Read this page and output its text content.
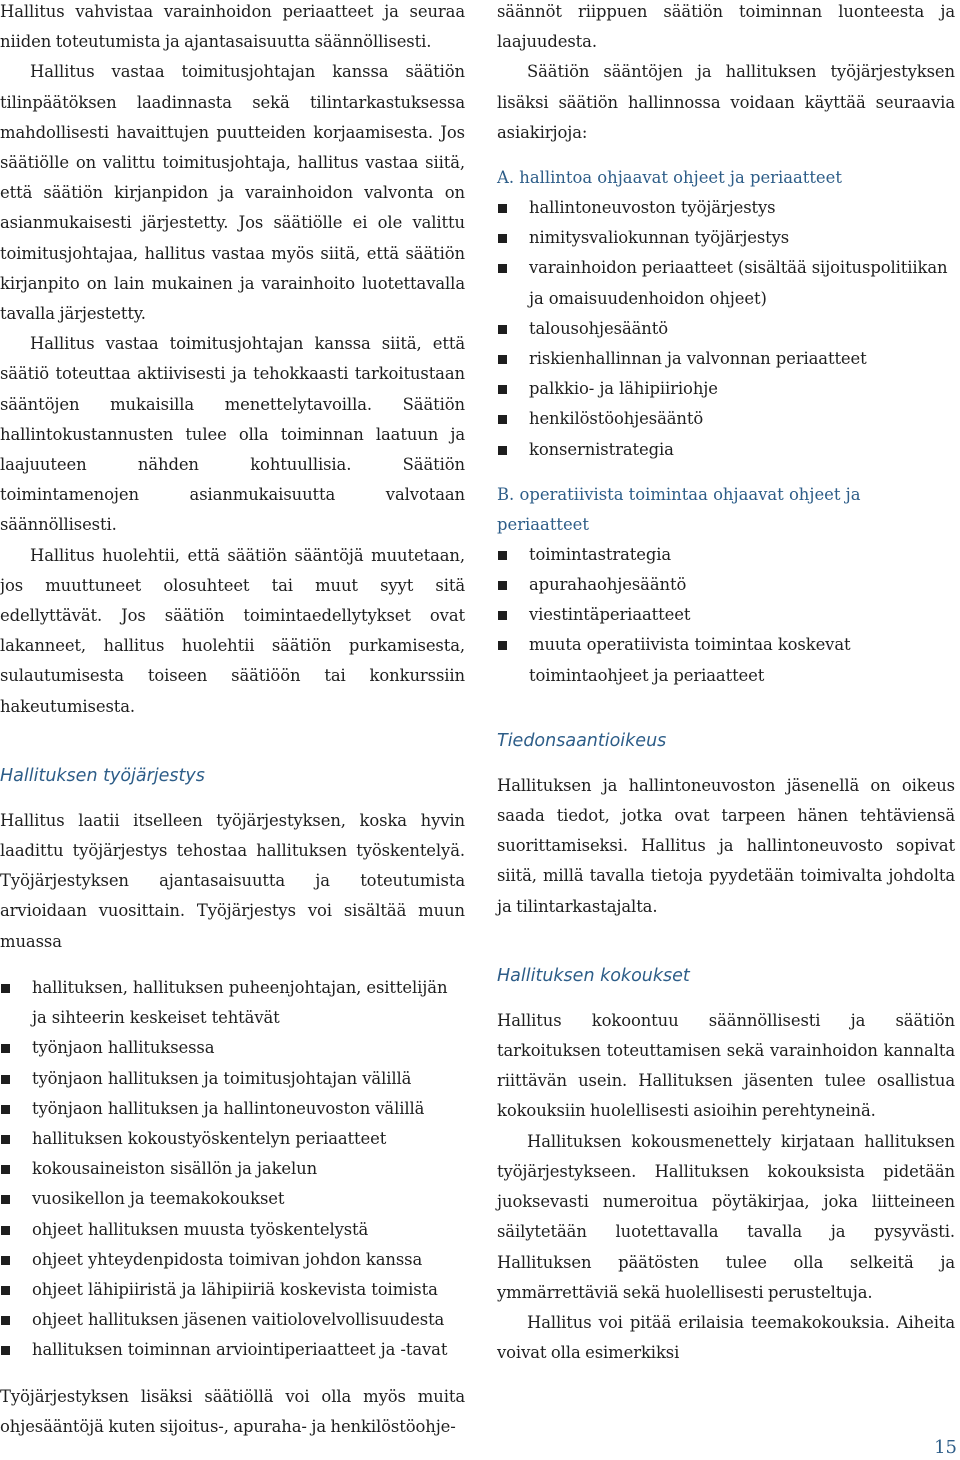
Hallitus vahvistaa varainhoidon periaatteet ja seuraa niiden toteutumista ja ajantasaisuutta säännöllisesti.

Hallitus vastaa toimitusjohtajan kanssa säätiön tilinpäätöksen laadinnasta sekä tilintarkastuksessa mahdollisesti havaittujen puutteiden korjaamisesta. Jos säätiölle on valittu toimitusjohtaja, hallitus vastaa siitä, että säätiön kirjanpidon ja varainhoidon valvonta on asianmukaisesti järjestetty. Jos säätiölle ei ole valittu toimitusjohtajaa, hallitus vastaa myös siitä, että säätiön kirjanpito on lain mukainen ja varainhoito luotettavalla tavalla järjestetty.

Hallitus vastaa toimitusjohtajan kanssa siitä, että säätiö toteuttaa aktiivisesti ja tehokkaasti tarkoitustaan sääntöjen mukaisilla menettelytavoilla. Säätiön hallintokustannusten tulee olla toiminnan laatuun ja laajuuteen nähden kohtuullisia. Säätiön toimintamenojen asianmukaisuutta valvotaan säännöllisesti.

Hallitus huolehtii, että säätiön sääntöjä muutetaan, jos muuttuneet olosuhteet tai muut syyt sitä edellyttävät. Jos säätiön toimintaedellytykset ovat lakanneet, hallitus huolehtii säätiön purkamisesta, sulautumisesta toiseen säätiöön tai konkurssiin hakeutumisesta.

Hallituksen työjärjestys

Hallitus laatii itselleen työjärjestyksen, koska hyvin laadittu työjärjestys tehostaa hallituksen työskentelyä. Työjärjestyksen ajantasaisuutta ja toteutumista arvioidaan vuosittain. Työjärjestys voi sisältää muun muassa

hallituksen, hallituksen puheenjohtajan, esittelijän ja sihteerin keskeiset tehtävät
työnjaon hallituksessa
työnjaon hallituksen ja toimitusjohtajan välillä
työnjaon hallituksen ja hallintoneuvoston välillä
hallituksen kokoustyöskentelyn periaatteet
kokousaineiston sisällön ja jakelun
vuosikellon ja teemakokoukset
ohjeet hallituksen muusta työskentelystä
ohjeet yhteydenpidosta toimivan johdon kanssa
ohjeet lähipiiristä ja lähipiiriä koskevista toimista
ohjeet hallituksen jäsenen vaitiolovelvollisuudesta
hallituksen toiminnan arviointiperiaatteet ja -tavat

Työjärjestyksen lisäksi säätiöllä voi olla myös muita ohjesääntöjä kuten sijoitus-, apuraha- ja henkilöstöohje-

säännöt riippuen säätiön toiminnan luonteesta ja laajuudesta.

Säätiön sääntöjen ja hallituksen työjärjestyksen lisäksi säätiön hallinnossa voidaan käyttää seuraavia asiakirjoja:

A. hallintoa ohjaavat ohjeet ja periaatteet

hallintoneuvoston työjärjestys
nimitysvaliokunnan työjärjestys
varainhoidon periaatteet (sisältää sijoituspolitiikan ja omaisuudenhoidon ohjeet)
talousohjesääntö
riskienhallinnan ja valvonnan periaatteet
palkkio- ja lähipiiriohje
henkilöstöohjesääntö
konsernistrategia

B. operatiivista toimintaa ohjaavat ohjeet ja periaatteet

toimintastrategia
apurahaohjesääntö
viestintäperiaatteet
muuta operatiivista toimintaa koskevat toimintaohjeet ja periaatteet
Tiedonsaantioikeus

Hallituksen ja hallintoneuvoston jäsenellä on oikeus saada tiedot, jotka ovat tarpeen hänen tehtäviensä suorittamiseksi. Hallitus ja hallintoneuvosto sopivat siitä, millä tavalla tietoja pyydetään toimivalta johdolta ja tilintarkastajalta.

Hallituksen kokoukset

Hallitus kokoontuu säännöllisesti ja säätiön tarkoituksen toteuttamisen sekä varainhoidon kannalta riittävän usein. Hallituksen jäsenten tulee osallistua kokouksiin huolellisesti asioihin perehtyneinä.

Hallituksen kokousmenettely kirjataan hallituksen työjärjestykseen. Hallituksen kokouksista pidetään juoksevasti numeroitua pöytäkirjaa, joka liitteineen säilytetään luotettavalla tavalla ja pysyvästi. Hallituksen päätösten tulee olla selkeitä ja ymmärrettäviä sekä huolellisesti perusteltuja.

Hallitus voi pitää erilaisia teemakokouksia. Aiheita voivat olla esimerkiksi

15
